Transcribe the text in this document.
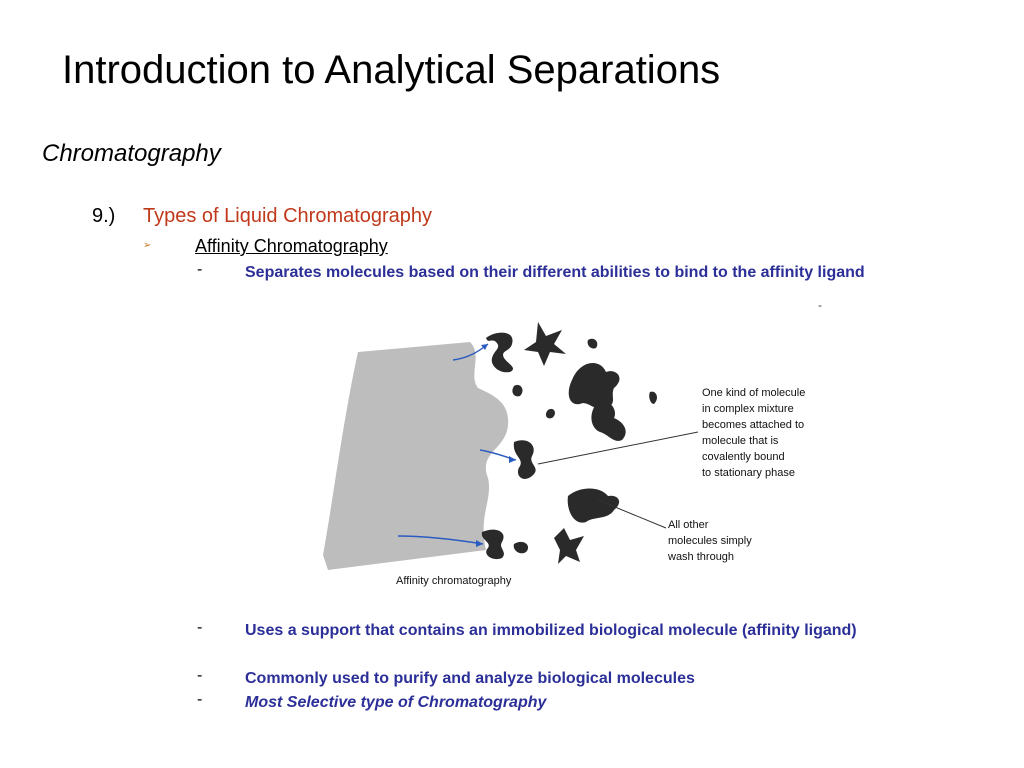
Introduction to Analytical Separations
Chromatography
9.) Types of Liquid Chromatography
➢ Affinity Chromatography
-	Separates molecules based on their different abilities to bind to the affinity ligand
-
One kind of molecule in complex mixture becomes attached to molecule that is covalently bound to stationary phase
All other molecules simply wash through
Affinity chromatography
-	Uses a support that contains an immobilized biological molecule (affinity ligand)
-	Commonly used to purify and analyze biological molecules
-	Most Selective type of Chromatography
